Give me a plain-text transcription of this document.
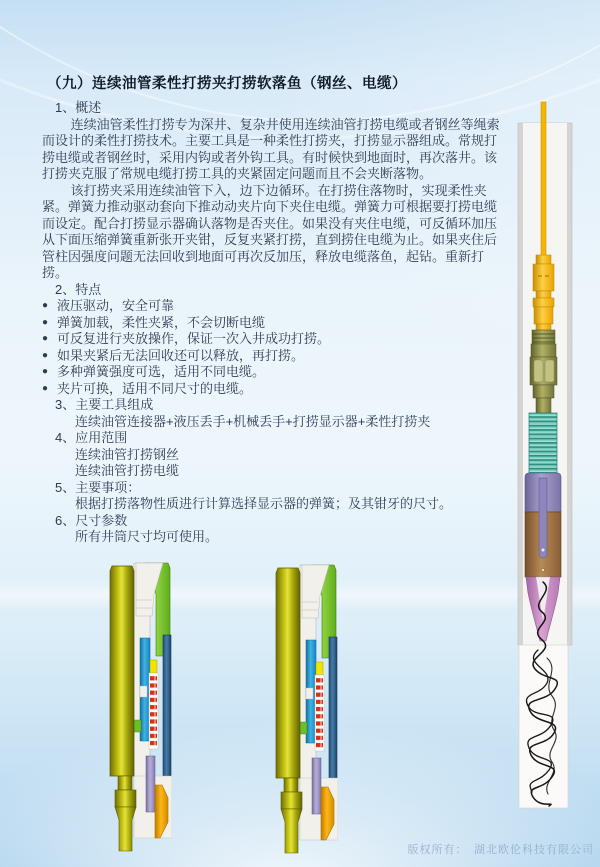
（九）连续油管柔性打捞夹打捞软落鱼（钢丝、电缆）
1、概述

连续油管柔性打捞专为深井、复杂井使用连续油管打捞电缆或者钢丝等绳索而设计的柔性打捞技术。主要工具是一种柔性打捞夹，打捞显示器组成。常规打捞电缆或者钢丝时，采用内钩或者外钩工具。有时候快到地面时，再次落井。该打捞夹克服了常规电缆打捞工具的夹紧固定问题而且不会夹断落物。

该打捞夹采用连续油管下入，边下边循环。在打捞住落物时，实现柔性夹紧。弹簧力推动驱动套向下推动动夹片向下夹住电缆。弹簧力可根据要打捞电缆而设定。配合打捞显示器确认落物是否夹住。如果没有夹住电缆，可反循环加压从下面压缩弹簧重新张开夹钳，反复夹紧打捞，直到捞住电缆为止。如果夹住后管柱因强度问题无法回收到地面可再次反加压，释放电缆落鱼，起钻。重新打捞。

2、特点
● 液压驱动，安全可靠
● 弹簧加载，柔性夹紧，不会切断电缆
● 可反复进行夹放操作，保证一次入井成功打捞。
● 如果夹紧后无法回收还可以释放，再打捞。
● 多种弹簧强度可选，适用不同电缆。
● 夹片可换，适用不同尺寸的电缆。
3、主要工具组成
连续油管连接器+液压丢手+机械丢手+打捞显示器+柔性打捞夹
4、应用范围
连续油管打捞钢丝
连续油管打捞电缆
5、主要事项：
根据打捞落物性质进行计算选择显示器的弹簧；及其钳牙的尺寸。
6、尺寸参数
所有井筒尺寸均可使用。
版权所有：　湖北欧伦科技有限公司
